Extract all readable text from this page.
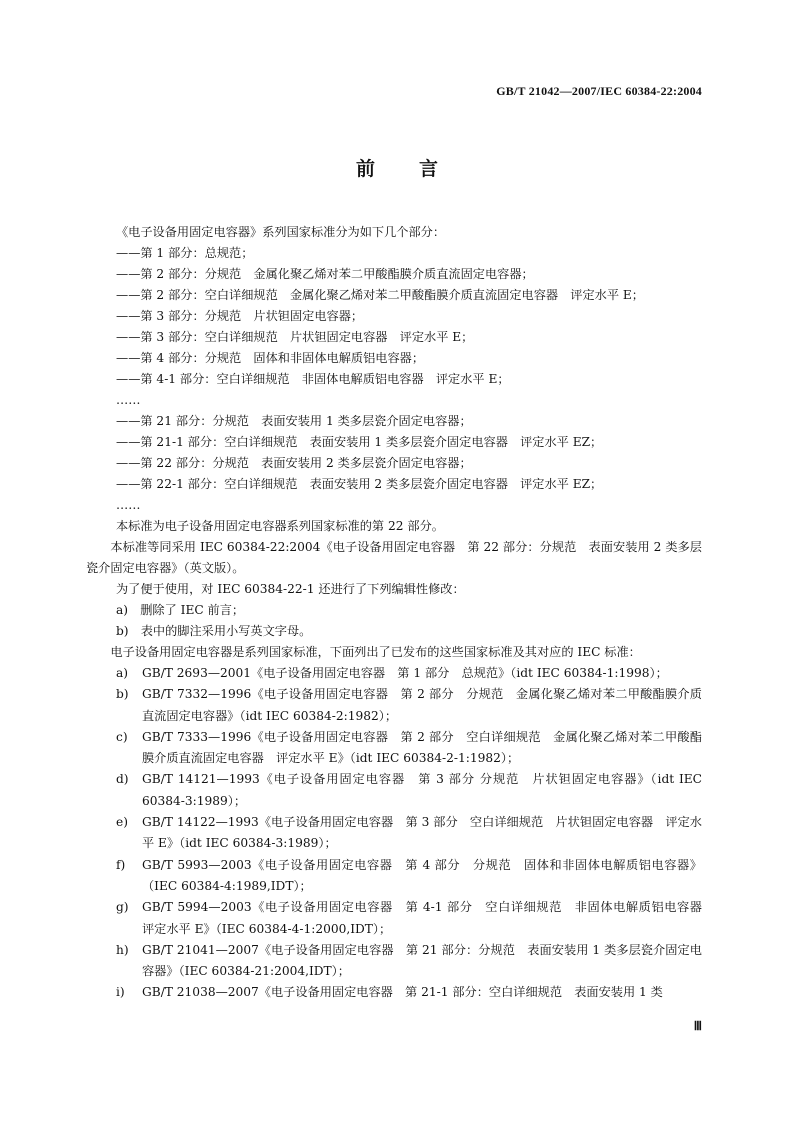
GB/T 21042—2007/IEC 60384-22:2004
前 言
《电子设备用固定电容器》系列国家标准分为如下几个部分：
——第 1 部分：总规范；
——第 2 部分：分规范　金属化聚乙烯对苯二甲酸酯膜介质直流固定电容器；
——第 2 部分：空白详细规范　金属化聚乙烯对苯二甲酸酯膜介质直流固定电容器　评定水平 E；
——第 3 部分：分规范　片状钽固定电容器；
——第 3 部分：空白详细规范　片状钽固定电容器　评定水平 E；
——第 4 部分：分规范　固体和非固体电解质铝电容器；
——第 4-1 部分：空白详细规范　非固体电解质铝电容器　评定水平 E；
……
——第 21 部分：分规范　表面安装用 1 类多层瓷介固定电容器；
——第 21-1 部分：空白详细规范　表面安装用 1 类多层瓷介固定电容器　评定水平 EZ；
——第 22 部分：分规范　表面安装用 2 类多层瓷介固定电容器；
——第 22-1 部分：空白详细规范　表面安装用 2 类多层瓷介固定电容器　评定水平 EZ；
……
本标准为电子设备用固定电容器系列国家标准的第 22 部分。
本标准等同采用 IEC 60384-22:2004《电子设备用固定电容器　第 22 部分：分规范　表面安装用 2 类多层瓷介固定电容器》（英文版）。
为了便于使用，对 IEC 60384-22-1 还进行了下列编辑性修改：
a)　删除了 IEC 前言；
b)　表中的脚注采用小写英文字母。
电子设备用固定电容器是系列国家标准，下面列出了已发布的这些国家标准及其对应的 IEC 标准：
a)	GB/T 2693—2001《电子设备用固定电容器　第 1 部分　总规范》（idt IEC 60384-1:1998）；
b)	GB/T 7332—1996《电子设备用固定电容器　第 2 部分　分规范　金属化聚乙烯对苯二甲酸酯膜介质直流固定电容器》（idt IEC 60384-2:1982）；
c)	GB/T 7333—1996《电子设备用固定电容器　第 2 部分　空白详细规范　金属化聚乙烯对苯二甲酸酯膜介质直流固定电容器　评定水平 E》（idt IEC 60384-2-1:1982）；
d)	GB/T 14121—1993《电子设备用固定电容器　第 3 部分 分规范　片状钽固定电容器》（idt IEC 60384-3:1989）；
e)	GB/T 14122—1993《电子设备用固定电容器　第 3 部分　空白详细规范　片状钽固定电容器　评定水平 E》（idt IEC 60384-3:1989）；
f)	GB/T 5993—2003《电子设备用固定电容器　第 4 部分　分规范　固体和非固体电解质铝电容器》（IEC 60384-4:1989,IDT）；
g)	GB/T 5994—2003《电子设备用固定电容器　第 4-1 部分　空白详细规范　非固体电解质铝电容器　评定水平 E》（IEC 60384-4-1:2000,IDT）；
h)	GB/T 21041—2007《电子设备用固定电容器　第 21 部分：分规范　表面安装用 1 类多层瓷介固定电容器》（IEC 60384-21:2004,IDT）；
i)	GB/T 21038—2007《电子设备用固定电容器　第 21-1 部分：空白详细规范　表面安装用 1 类
Ⅲ
